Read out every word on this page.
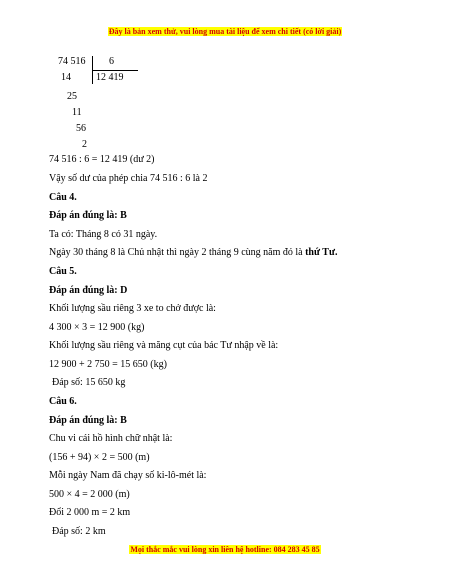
Đây là bản xem thử, vui lòng mua tài liệu để xem chi tiết (có lời giải)
74 516 6
12 419
14
25
11
56
2
74 516 : 6 = 12 419 (dư 2)
Vậy số dư của phép chia 74 516 : 6 là 2
Câu 4.
Đáp án đúng là: B
Ta có: Tháng 8 có 31 ngày.
Ngày 30 tháng 8 là Chủ nhật thì ngày 2 tháng 9 cùng năm đó là thứ Tư.
Câu 5.
Đáp án đúng là: D
Khối lượng sầu riêng 3 xe to chở được là:
4 300 × 3 = 12 900 (kg)
Khối lượng sầu riêng và măng cụt của bác Tư nhập về là:
12 900 + 2 750 = 15 650 (kg)
Đáp số: 15 650 kg
Câu 6.
Đáp án đúng là: B
Chu vi cái hồ hình chữ nhật là:
(156 + 94) × 2 = 500 (m)
Mỗi ngày Nam đã chạy số ki-lô-mét là:
500 × 4 = 2 000 (m)
Đổi 2 000 m = 2 km
Đáp số: 2 km
Mọi thắc mắc vui lòng xin liên hệ hotline: 084 283 45 85
